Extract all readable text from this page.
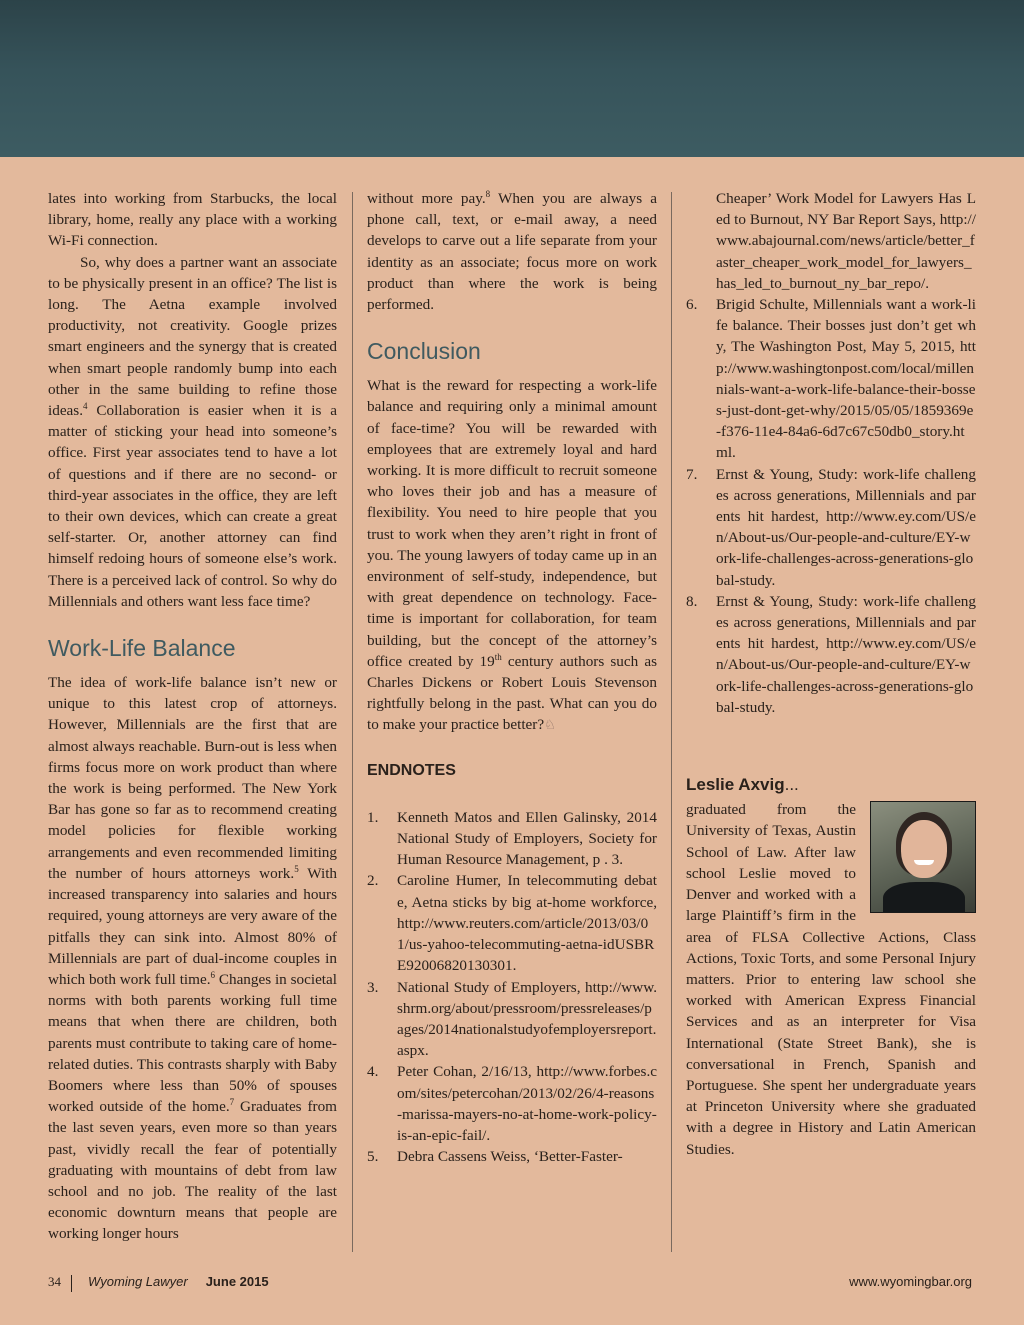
lates into working from Starbucks, the local library, home, really any place with a working Wi-Fi connection.

So, why does a partner want an associate to be physically present in an office? The list is long. The Aetna example involved productivity, not creativity. Google prizes smart engineers and the synergy that is created when smart people randomly bump into each other in the same building to refine those ideas.$^4$ Collaboration is easier when it is a matter of sticking your head into someone’s office. First year associates tend to have a lot of questions and if there are no second- or third-year associates in the office, they are left to their own devices, which can create a great self-starter. Or, another attorney can find himself redoing hours of someone else’s work. There is a perceived lack of control. So why do Millennials and others want less face time?

Work-Life Balance

The idea of work-life balance isn’t new or unique to this latest crop of attorneys. However, Millennials are the first that are almost always reachable. Burn-out is less when firms focus more on work product than where the work is being performed. The New York Bar has gone so far as to recommend creating model policies for flexible working arrangements and even recommended limiting the number of hours attorneys work.$^5$ With increased transparency into salaries and hours required, young attorneys are very aware of the pitfalls they can sink into. Almost 80% of Millennials are part of dual-income couples in which both work full time.$^6$ Changes in societal norms with both parents working full time means that when there are children, both parents must contribute to taking care of home-related duties. This contrasts sharply with Baby Boomers where less than 50% of spouses worked outside of the home.$^7$ Graduates from the last seven years, even more so than years past, vividly recall the fear of potentially graduating with mountains of debt from law school and no job. The reality of the last economic downturn means that people are working longer hours

without more pay.$^8$ When you are always a phone call, text, or e-mail away, a need develops to carve out a life separate from your identity as an associate; focus more on work product than where the work is being performed.

Conclusion

What is the reward for respecting a work-life balance and requiring only a minimal amount of face-time? You will be rewarded with employees that are extremely loyal and hard working. It is more difficult to recruit someone who loves their job and has a measure of flexibility. You need to hire people that you trust to work when they aren’t right in front of you. The young lawyers of today came up in an environment of self-study, independence, but with great dependence on technology. Face-time is important for collaboration, for team building, but the concept of the attorney’s office created by 19th century authors such as Charles Dickens or Robert Louis Stevenson rightfully belong in the past. What can you do to make your practice better?♘

ENDNOTES
1. Kenneth Matos and Ellen Galinsky, 2014 National Study of Employers, Society for Human Resource Management, p . 3.
2. Caroline Humer, In telecommuting debate, Aetna sticks by big at-home workforce, http://www.reuters.com/article/2013/03/01/us-yahoo-telecommuting-aetna-idUSBRE92006820130301.
3. National Study of Employers, http://www.shrm.org/about/pressroom/pressreleases/pages/2014nationalstudyofemployersreport.aspx.
4. Peter Cohan, 2/16/13, http://www.forbes.com/sites/petercohan/2013/02/26/4-reasons-marissa-mayers-no-at-home-work-policy-is-an-epic-fail/.
5. Debra Cassens Weiss, ‘Better-Faster-
Cheaper’ Work Model for Lawyers Has Led to Burnout, NY Bar Report Says, http://www.abajournal.com/news/article/better_faster_cheaper_work_model_for_lawyers_has_led_to_burnout_ny_bar_repo/.
6. Brigid Schulte, Millennials want a work-life balance. Their bosses just don’t get why, The Washington Post, May 5, 2015, http://www.washingtonpost.com/local/millennials-want-a-work-life-balance-their-bosses-just-dont-get-why/2015/05/05/1859369e-f376-11e4-84a6-6d7c67c50db0_story.html.
7. Ernst & Young, Study: work-life challenges across generations, Millennials and parents hit hardest, http://www.ey.com/US/en/About-us/Our-people-and-culture/EY-work-life-challenges-across-generations-global-study.
8. Ernst & Young, Study: work-life challenges across generations, Millennials and parents hit hardest, http://www.ey.com/US/en/About-us/Our-people-and-culture/EY-work-life-challenges-across-generations-global-study.
Leslie Axvig...

graduated from the University of Texas, Austin School of Law. After law school Leslie moved to Denver and worked with a large Plaintiff’s firm in the area of FLSA Collective Actions, Class Actions, Toxic Torts, and some Personal Injury matters. Prior to entering law school she worked with American Express Financial Services and as an interpreter for Visa International (State Street Bank), she is conversational in French, Spanish and Portuguese. She spent her undergraduate years at Princeton University where she graduated with a degree in History and Latin American Studies.

34 Wyoming Lawyer June 2015	www.wyomingbar.org
